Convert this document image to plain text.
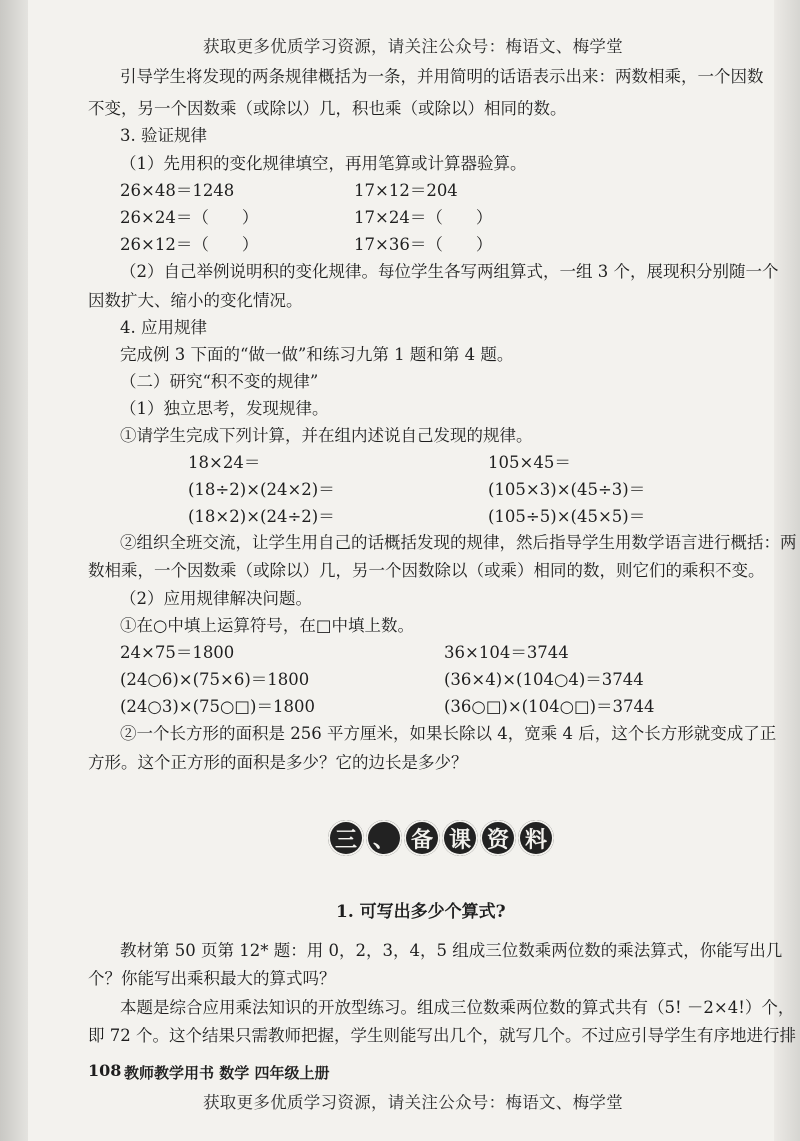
获取更多优质学习资源，请关注公众号：梅语文、梅学堂
引导学生将发现的两条规律概括为一条，并用简明的话语表示出来：两数相乘，一个因数
不变，另一个因数乘（或除以）几，积也乘（或除以）相同的数。
3. 验证规律
（1）先用积的变化规律填空，再用笔算或计算器验算。
26×48＝1248
26×24＝（　　）
26×12＝（　　）
17×12＝204
17×24＝（　　）
17×36＝（　　）
（2）自己举例说明积的变化规律。每位学生各写两组算式，一组 3 个，展现积分别随一个
因数扩大、缩小的变化情况。
4. 应用规律
完成例 3 下面的“做一做”和练习九第 1 题和第 4 题。
（二）研究“积不变的规律”
（1）独立思考，发现规律。
①请学生完成下列计算，并在组内述说自己发现的规律。
18×24＝
(18÷2)×(24×2)＝
(18×2)×(24÷2)＝
105×45＝
(105×3)×(45÷3)＝
(105÷5)×(45×5)＝
②组织全班交流，让学生用自己的话概括发现的规律，然后指导学生用数学语言进行概括：两
数相乘，一个因数乘（或除以）几，另一个因数除以（或乘）相同的数，则它们的乘积不变。
（2）应用规律解决问题。
①在○中填上运算符号，在□中填上数。
24×75＝1800
(24○6)×(75×6)＝1800
(24○3)×(75○□)＝1800
36×104＝3744
(36×4)×(104○4)＝3744
(36○□)×(104○□)＝3744
②一个长方形的面积是 256 平方厘米，如果长除以 4，宽乘 4 后，这个长方形就变成了正
方形。这个正方形的面积是多少？它的边长是多少？
三 、 备 课 资 料
1. 可写出多少个算式?
教材第 50 页第 12* 题：用 0，2，3，4，5 组成三位数乘两位数的乘法算式，你能写出几
个？你能写出乘积最大的算式吗？
本题是综合应用乘法知识的开放型练习。组成三位数乘两位数的算式共有（5! －2×4!）个，
即 72 个。这个结果只需教师把握，学生则能写出几个，就写几个。不过应引导学生有序地进行排
108 教师教学用书 数学 四年级上册
获取更多优质学习资源，请关注公众号：梅语文、梅学堂
